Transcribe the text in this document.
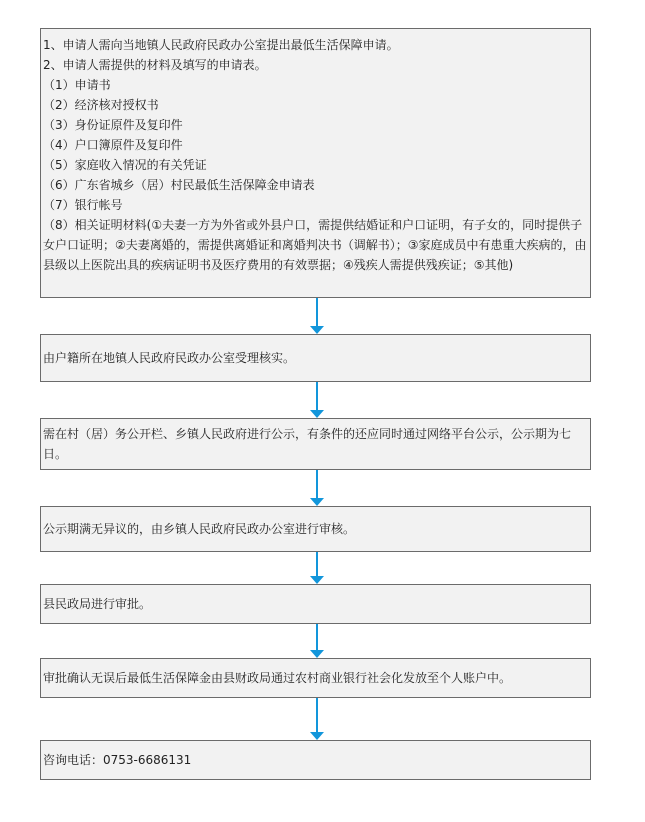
1、申请人需向当地镇人民政府民政办公室提出最低生活保障申请。
2、申请人需提供的材料及填写的申请表。
（1）申请书
（2）经济核对授权书
（3）身份证原件及复印件
（4）户口簿原件及复印件
（5）家庭收入情况的有关凭证
（6）广东省城乡（居）村民最低生活保障金申请表
（7）银行帐号
（8）相关证明材料(①夫妻一方为外省或外县户口，需提供结婚证和户口证明，有子女的，同时提供子女户口证明；②夫妻离婚的，需提供离婚证和离婚判决书（调解书）；③家庭成员中有患重大疾病的，由县级以上医院出具的疾病证明书及医疗费用的有效票据；④残疾人需提供残疾证；⑤其他)
由户籍所在地镇人民政府民政办公室受理核实。
需在村（居）务公开栏、乡镇人民政府进行公示，有条件的还应同时通过网络平台公示，公示期为七日。
公示期满无异议的，由乡镇人民政府民政办公室进行审核。
县民政局进行审批。
审批确认无误后最低生活保障金由县财政局通过农村商业银行社会化发放至个人账户中。
咨询电话：0753-6686131
